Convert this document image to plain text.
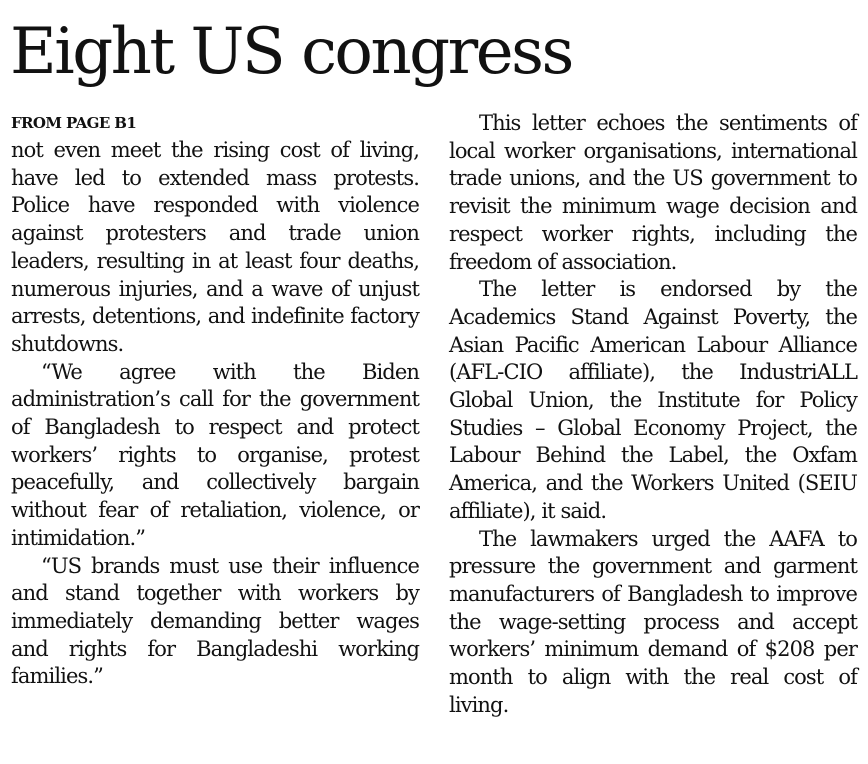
Eight US congress

FROM PAGE B1

not even meet the rising cost of living, have led to extended mass protests. Police have responded with violence against protesters and trade union leaders, resulting in at least four deaths, numerous injuries, and a wave of unjust arrests, detentions, and indefinite factory shutdowns.

“We agree with the Biden administration’s call for the government of Bangladesh to respect and protect workers’ rights to organise, protest peacefully, and collectively bargain without fear of retaliation, violence, or intimidation.”

“US brands must use their influence and stand together with workers by immediately demanding better wages and rights for Bangladeshi working families.”

This letter echoes the sentiments of local worker organisations, international trade unions, and the US government to revisit the minimum wage decision and respect worker rights, including the freedom of association.

The letter is endorsed by the Academics Stand Against Poverty, the Asian Pacific American Labour Alliance (AFL-CIO affiliate), the IndustriALL Global Union, the Institute for Policy Studies – Global Economy Project, the Labour Behind the Label, the Oxfam America, and the Workers United (SEIU affiliate), it said.

The lawmakers urged the AAFA to pressure the government and garment manufacturers of Bangladesh to improve the wage-setting process and accept workers’ minimum demand of $208 per month to align with the real cost of living.
